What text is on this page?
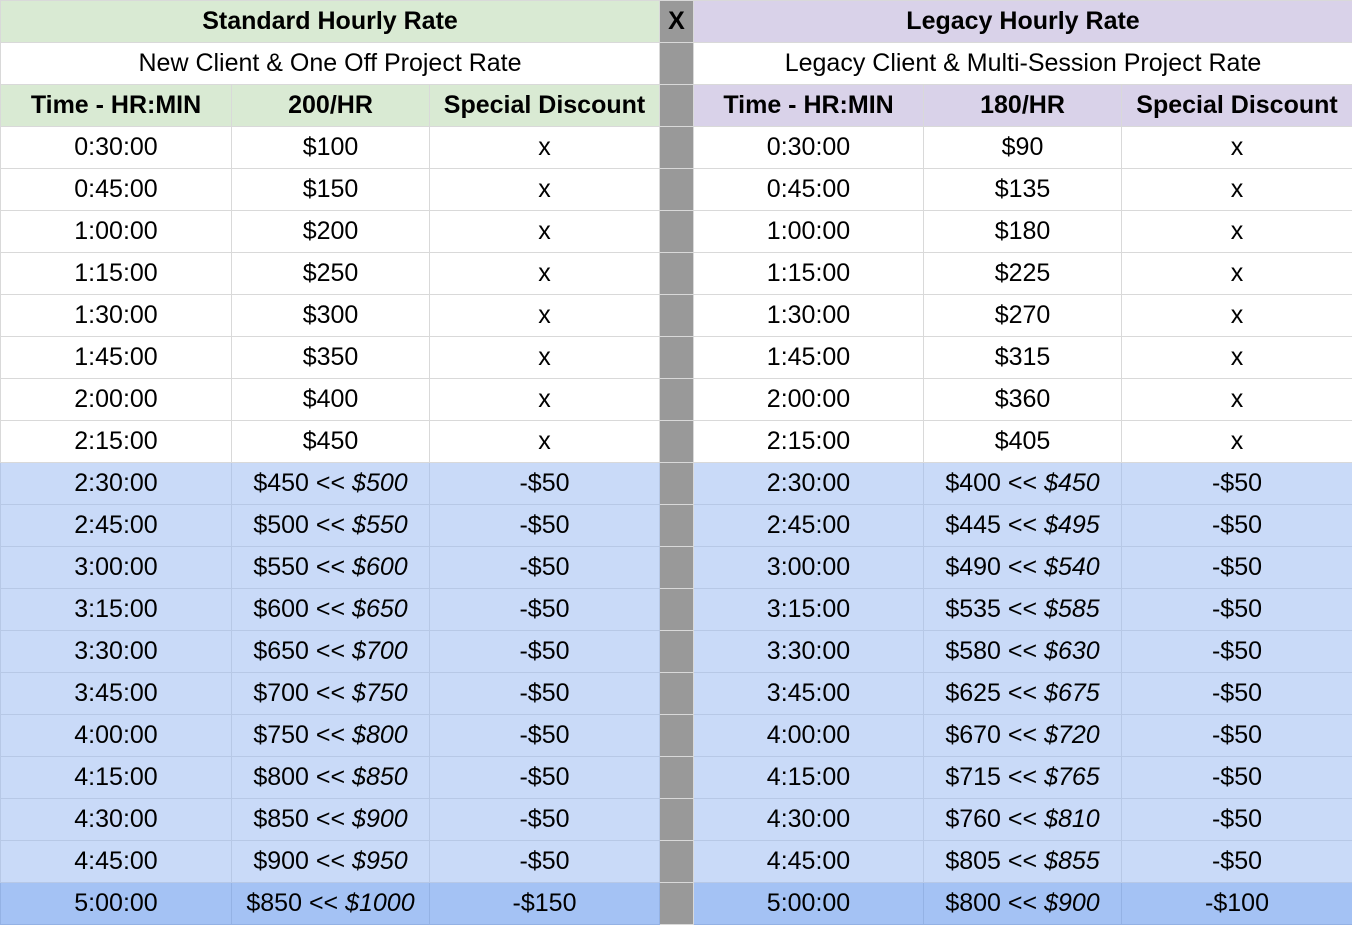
Standard Hourly Rate			X	Legacy Hourly Rate		
New Client & One Off Project Rate				Legacy Client & Multi-Session Project Rate		
Time - HR:MIN	200/HR	Special Discount		Time - HR:MIN	180/HR	Special Discount
0:30:00	$100	x		0:30:00	$90	x
0:45:00	$150	x		0:45:00	$135	x
1:00:00	$200	x		1:00:00	$180	x
1:15:00	$250	x		1:15:00	$225	x
1:30:00	$300	x		1:30:00	$270	x
1:45:00	$350	x		1:45:00	$315	x
2:00:00	$400	x		2:00:00	$360	x
2:15:00	$450	x		2:15:00	$405	x
2:30:00	$450 << $500	-$50		2:30:00	$400 << $450	-$50
2:45:00	$500 << $550	-$50		2:45:00	$445 << $495	-$50
3:00:00	$550 << $600	-$50		3:00:00	$490 << $540	-$50
3:15:00	$600 << $650	-$50		3:15:00	$535 << $585	-$50
3:30:00	$650 << $700	-$50		3:30:00	$580 << $630	-$50
3:45:00	$700 << $750	-$50		3:45:00	$625 << $675	-$50
4:00:00	$750 << $800	-$50		4:00:00	$670 << $720	-$50
4:15:00	$800 << $850	-$50		4:15:00	$715 << $765	-$50
4:30:00	$850 << $900	-$50		4:30:00	$760 << $810	-$50
4:45:00	$900 << $950	-$50		4:45:00	$805 << $855	-$50
5:00:00	$850 << $1000	-$150		5:00:00	$800 << $900	-$100
